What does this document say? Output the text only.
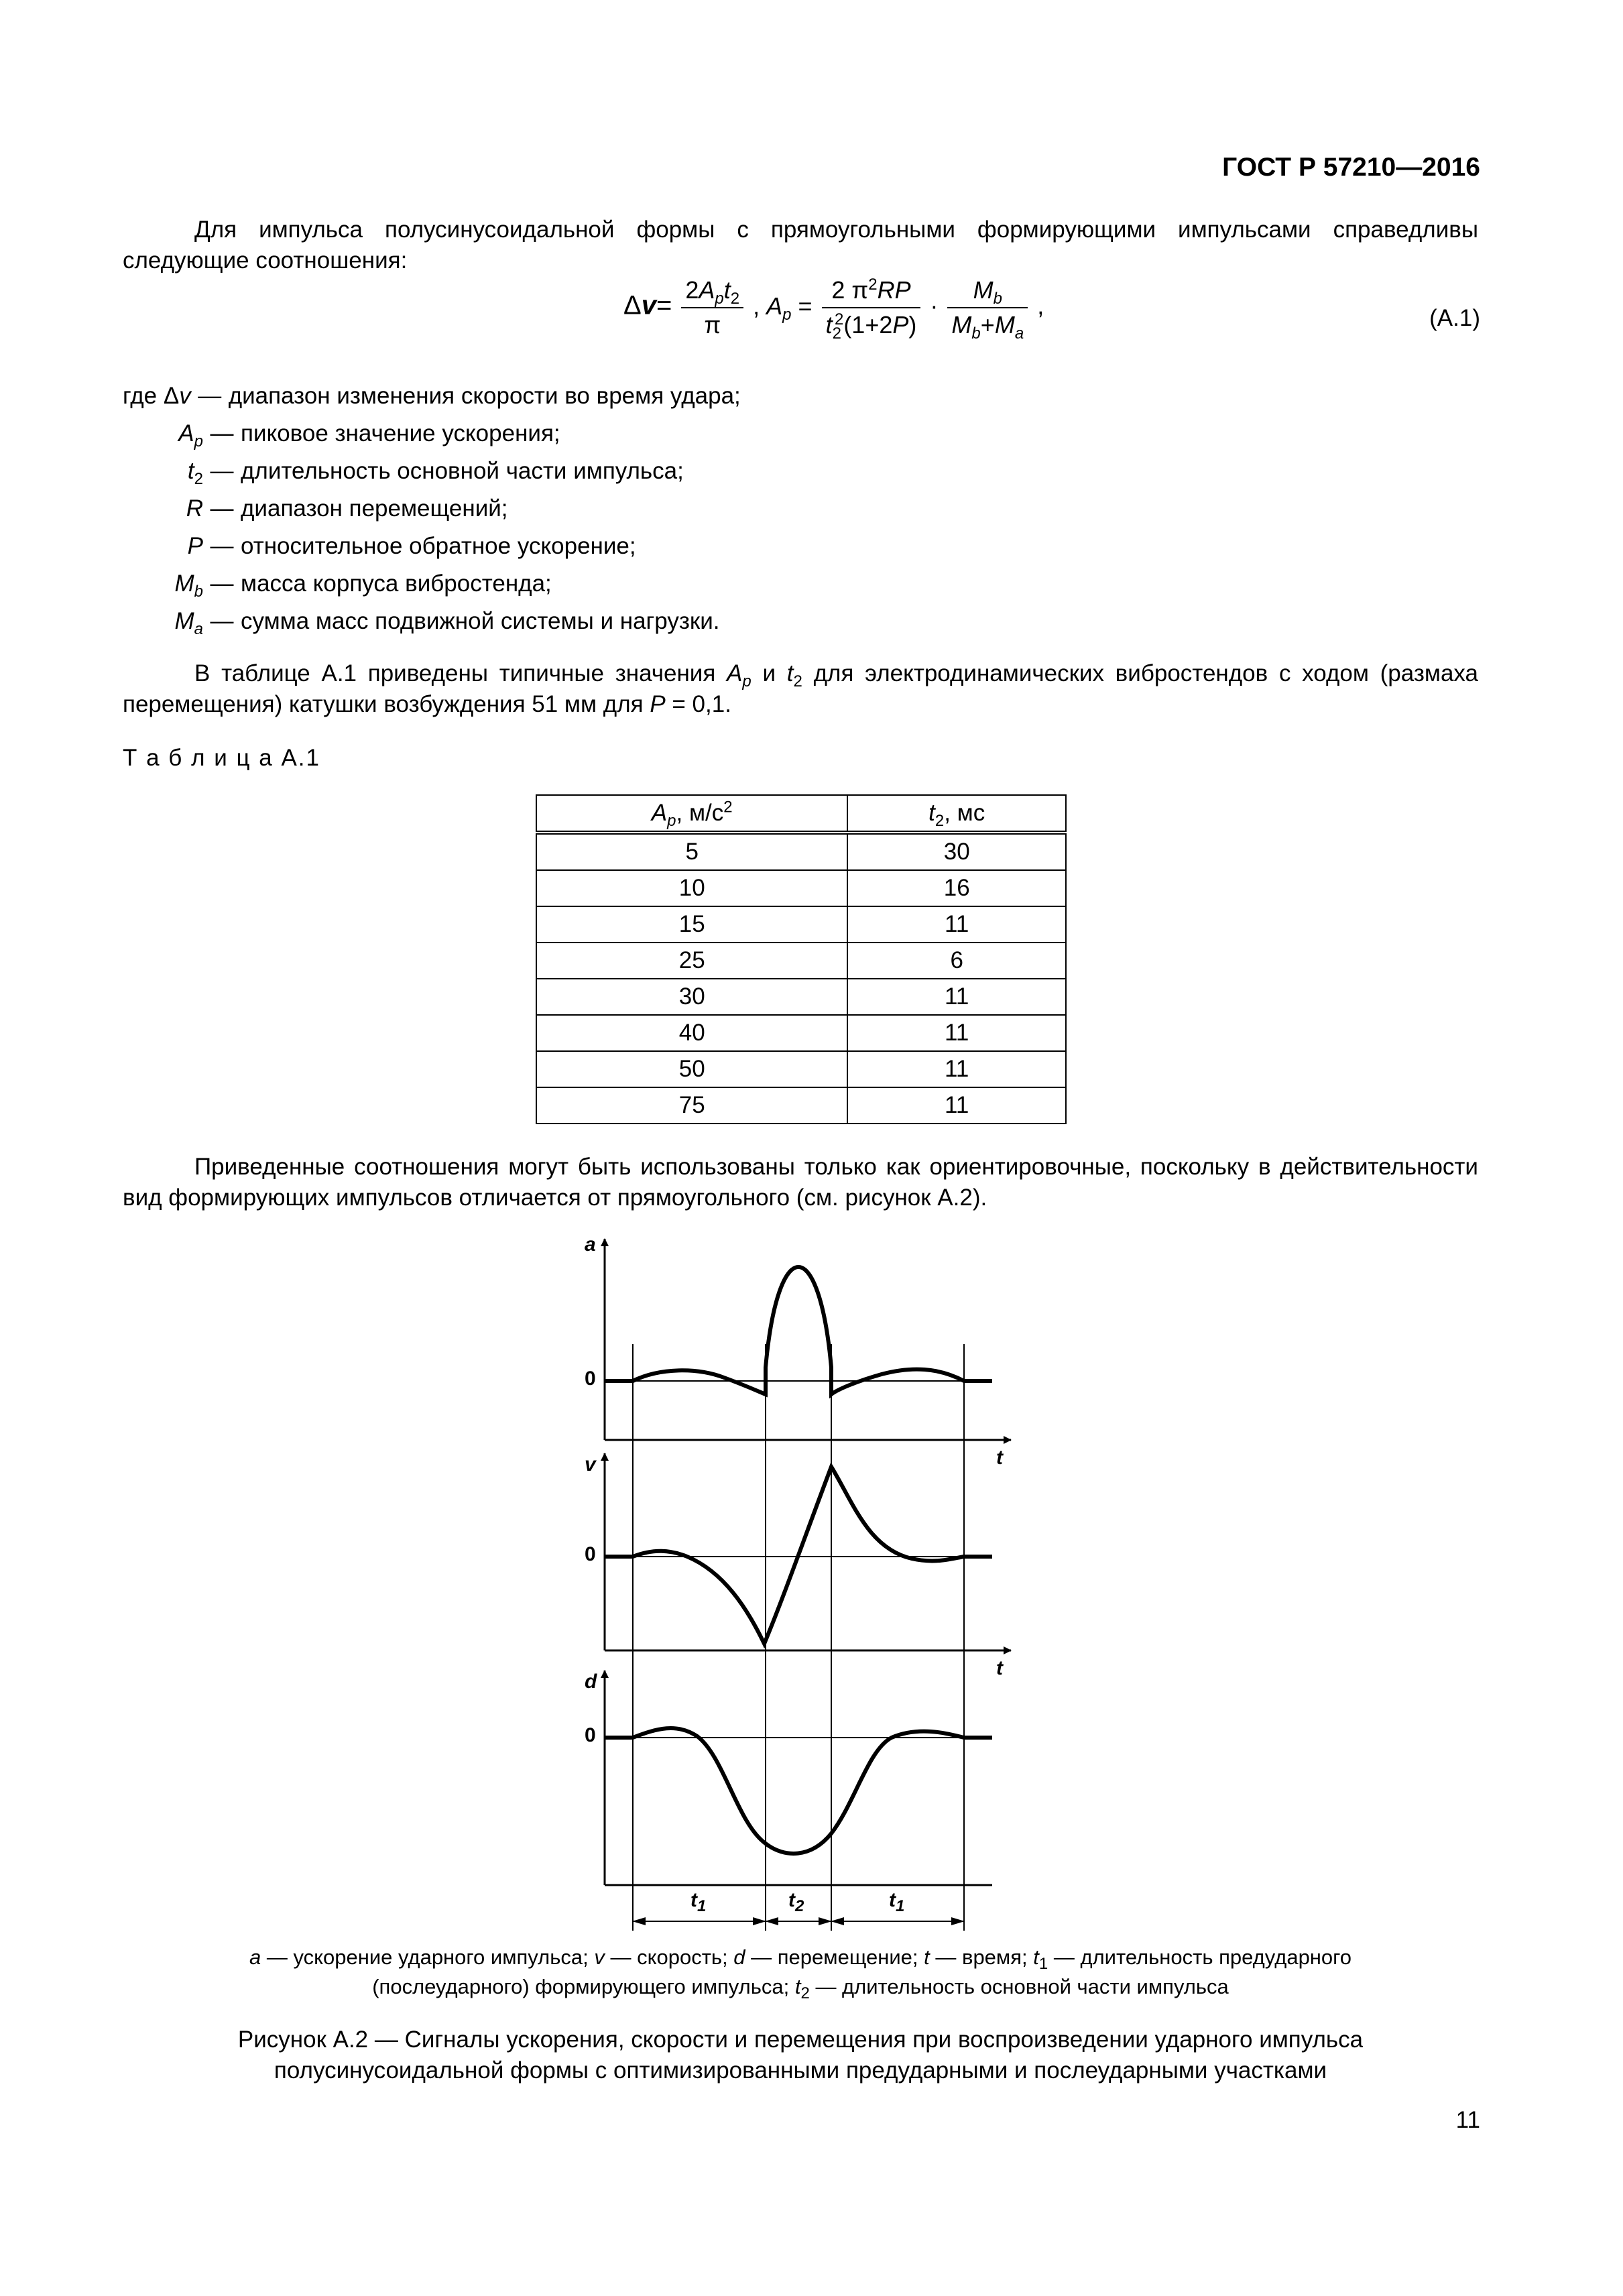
ГОСТ Р 57210—2016
Для импульса полусинусоидальной формы с прямоугольными формирующими импульсами справедливы следующие соотношения:
$\Delta v= \frac{2A_pt_2}{\pi}$ , $A_p = \frac{2 \pi^2RP}{t_2^2(1+2P)} \cdot \frac{M_b}{M_b+M_a}$ ,	(А.1)
где Δv — диапазон изменения скорости во время удара;
$A_p$ — пиковое значение ускорения;
$t_2$ — длительность основной части импульса;
R — диапазон перемещений;
P — относительное обратное ускорение;
$M_b$ — масса корпуса вибростенда;
$M_a$ — сумма масс подвижной системы и нагрузки.
В таблице А.1 приведены типичные значения $A_p$ и $t_2$ для электродинамических вибростендов с ходом (размаха перемещения) катушки возбуждения 51 мм для P = 0,1.
Т а б л и ц а А.1
$A_p$, $м/с^2$	$t_2$, мс
5	30
10	16
15	11
25	6
30	11
40	11
50	11
75	11
Приведенные соотношения могут быть использованы только как ориентировочные, поскольку в действительности вид формирующих импульсов отличается от прямоугольного (см. рисунок А.2).
a
0
t
v
0
t
d
0
$t_1$	$t_2$	$t_1$
a — ускорение ударного импульса; v — скорость; d — перемещение; t — время; $t_1$ — длительность предударного
(послеударного) формирующего импульса; $t_2$ — длительность основной части импульса
Рисунок А.2 — Сигналы ускорения, скорости и перемещения при воспроизведении ударного импульса
полусинусоидальной формы с оптимизированными предударными и послеударными участками
11
